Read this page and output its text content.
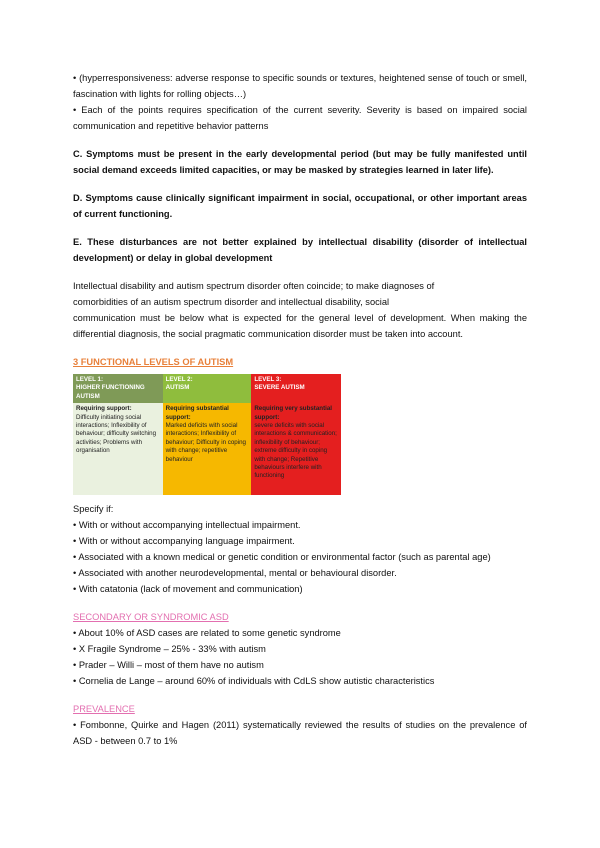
• (hyperresponsiveness: adverse response to specific sounds or textures, heightened sense of touch or smell, fascination with lights for rolling objects…)

• Each of the points requires specification of the current severity. Severity is based on impaired social communication and repetitive behavior patterns

C. Symptoms must be present in the early developmental period (but may be fully manifested until social demand exceeds limited capacities, or may be masked by strategies learned in later life).

D. Symptoms cause clinically significant impairment in social, occupational, or other important areas of current functioning.

E. These disturbances are not better explained by intellectual disability (disorder of intellectual development) or delay in global development

Intellectual disability and autism spectrum disorder often coincide; to make diagnoses of

comorbidities of an autism spectrum disorder and intellectual disability, social

communication must be below what is expected for the general level of development. When making the differential diagnosis, the social pragmatic communication disorder must be taken into account.

3 FUNCTIONAL LEVELS OF AUTISM
LEVEL 1:
HIGHER FUNCTIONING
AUTISM	LEVEL 2:
AUTISM	LEVEL 3:
SEVERE AUTISM

Requiring support:
Difficulty initiating social interactions; Inflexibility of behaviour; difficulty switching activities; Problems with organisation	Requiring substantial support:
Marked deficits with social interactions; Inflexibility of behaviour; Difficulty in coping with change; repetitive behaviour	Requiring very substantial support:
severe deficits with social interactions & communication; inflexibility of behaviour; extreme difficulty in coping with change; Repetitive behaviours interfere with functioning

Specify if:

• With or without accompanying intellectual impairment.

• With or without accompanying language impairment.

• Associated with a known medical or genetic condition or environmental factor (such as parental age)

• Associated with another neurodevelopmental, mental or behavioural disorder.

• With catatonia (lack of movement and communication)

SECONDARY OR SYNDROMIC ASD

• About 10% of ASD cases are related to some genetic syndrome

• X Fragile Syndrome – 25% - 33% with autism

• Prader – Willi – most of them have no autism

• Cornelia de Lange – around 60% of individuals with CdLS show autistic characteristics

PREVALENCE

• Fombonne, Quirke and Hagen (2011) systematically reviewed the results of studies on the prevalence of ASD - between 0.7 to 1%
